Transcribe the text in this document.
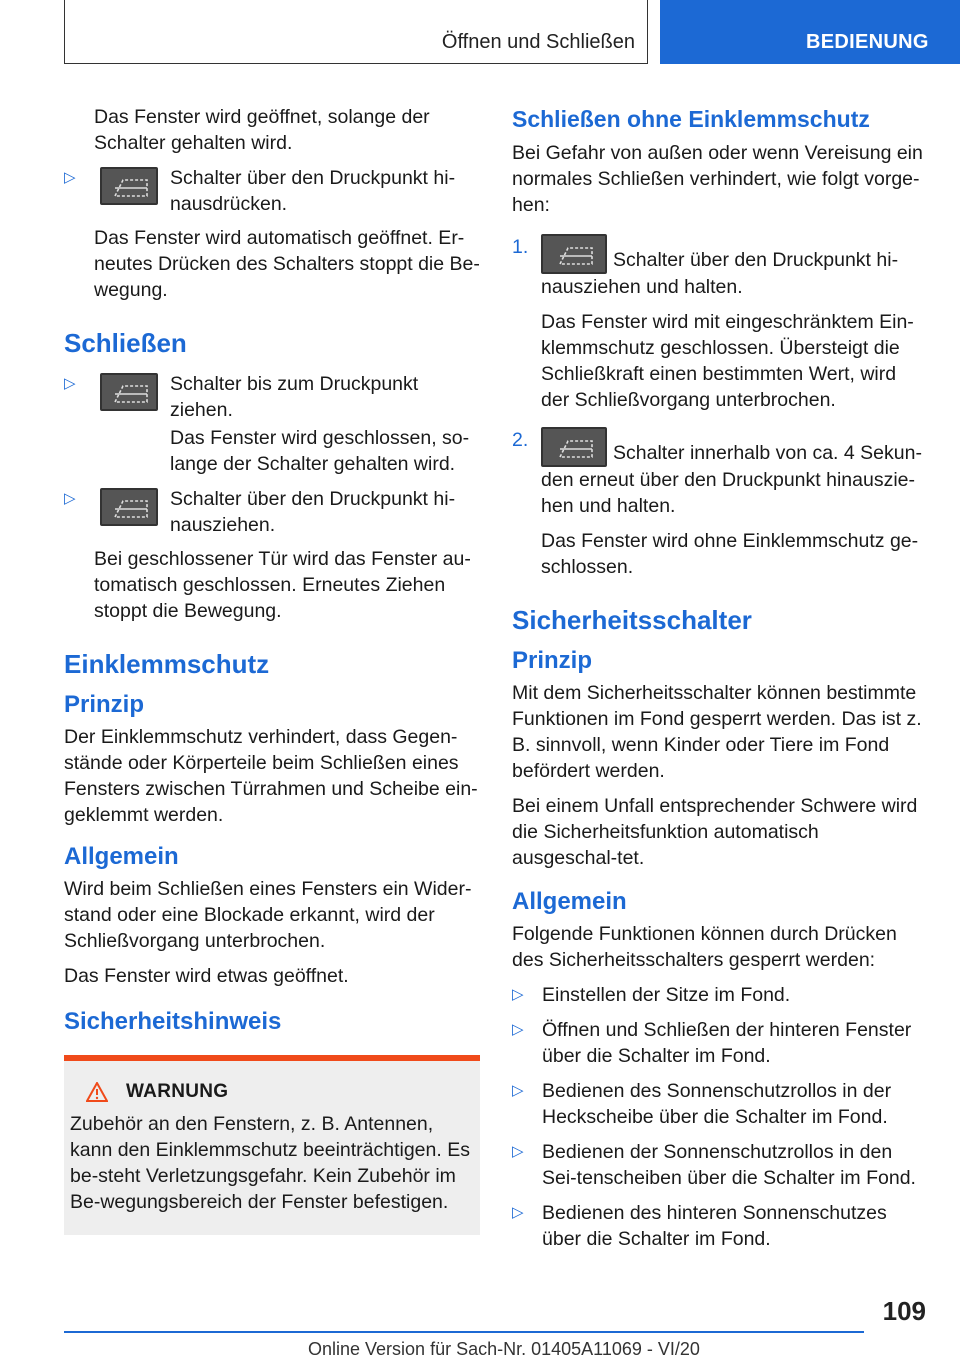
Öffnen und Schließen	BEDIENUNG

Das Fenster wird geöffnet, solange der Schalter gehalten wird.

▷	Schalter über den Druckpunkt hi‐nausdrücken.

Das Fenster wird automatisch geöffnet. Er‐neutes Drücken des Schalters stoppt die Be‐wegung.

Schließen
▷	Schalter bis zum Druckpunkt ziehen.

Das Fenster wird geschlossen, so‐lange der Schalter gehalten wird.

▷	Schalter über den Druckpunkt hi‐nausziehen.

Bei geschlossener Tür wird das Fenster au‐tomatisch geschlossen. Erneutes Ziehen stoppt die Bewegung.

Einklemmschutz
Prinzip

Der Einklemmschutz verhindert, dass Gegen‐stände oder Körperteile beim Schließen eines Fensters zwischen Türrahmen und Scheibe ein‐geklemmt werden.

Allgemein

Wird beim Schließen eines Fensters ein Wider‐stand oder eine Blockade erkannt, wird der Schließvorgang unterbrochen.

Das Fenster wird etwas geöffnet.

Sicherheitshinweis
WARNUNG

Zubehör an den Fenstern, z. B. Antennen, kann den Einklemmschutz beeinträchtigen. Es be‐steht Verletzungsgefahr. Kein Zubehör im Be‐wegungsbereich der Fenster befestigen.

Schließen ohne Einklemmschutz

Bei Gefahr von außen oder wenn Vereisung ein normales Schließen verhindert, wie folgt vorge‐hen:

1.
Schalter über den Druckpunkt hi‐nausziehen und halten.

Das Fenster wird mit eingeschränktem Ein‐klemmschutz geschlossen. Übersteigt die Schließkraft einen bestimmten Wert, wird der Schließvorgang unterbrochen.

2.
Schalter innerhalb von ca. 4 Sekun‐den erneut über den Druckpunkt hinauszie‐hen und halten.

Das Fenster wird ohne Einklemmschutz ge‐schlossen.

Sicherheitsschalter
Prinzip

Mit dem Sicherheitsschalter können bestimmte Funktionen im Fond gesperrt werden. Das ist z. B. sinnvoll, wenn Kinder oder Tiere im Fond befördert werden.

Bei einem Unfall entsprechender Schwere wird die Sicherheitsfunktion automatisch ausgeschal‐tet.

Allgemein

Folgende Funktionen können durch Drücken des Sicherheitsschalters gesperrt werden:

▷ Einstellen der Sitze im Fond.
▷ Öffnen und Schließen der hinteren Fenster über die Schalter im Fond.
▷ Bedienen des Sonnenschutzrollos in der Heckscheibe über die Schalter im Fond.
▷ Bedienen der Sonnenschutzrollos in den Sei‐tenscheiben über die Schalter im Fond.
▷ Bedienen des hinteren Sonnenschutzes über die Schalter im Fond.
109
Online Version für Sach-Nr. 01405A11069 - VI/20
